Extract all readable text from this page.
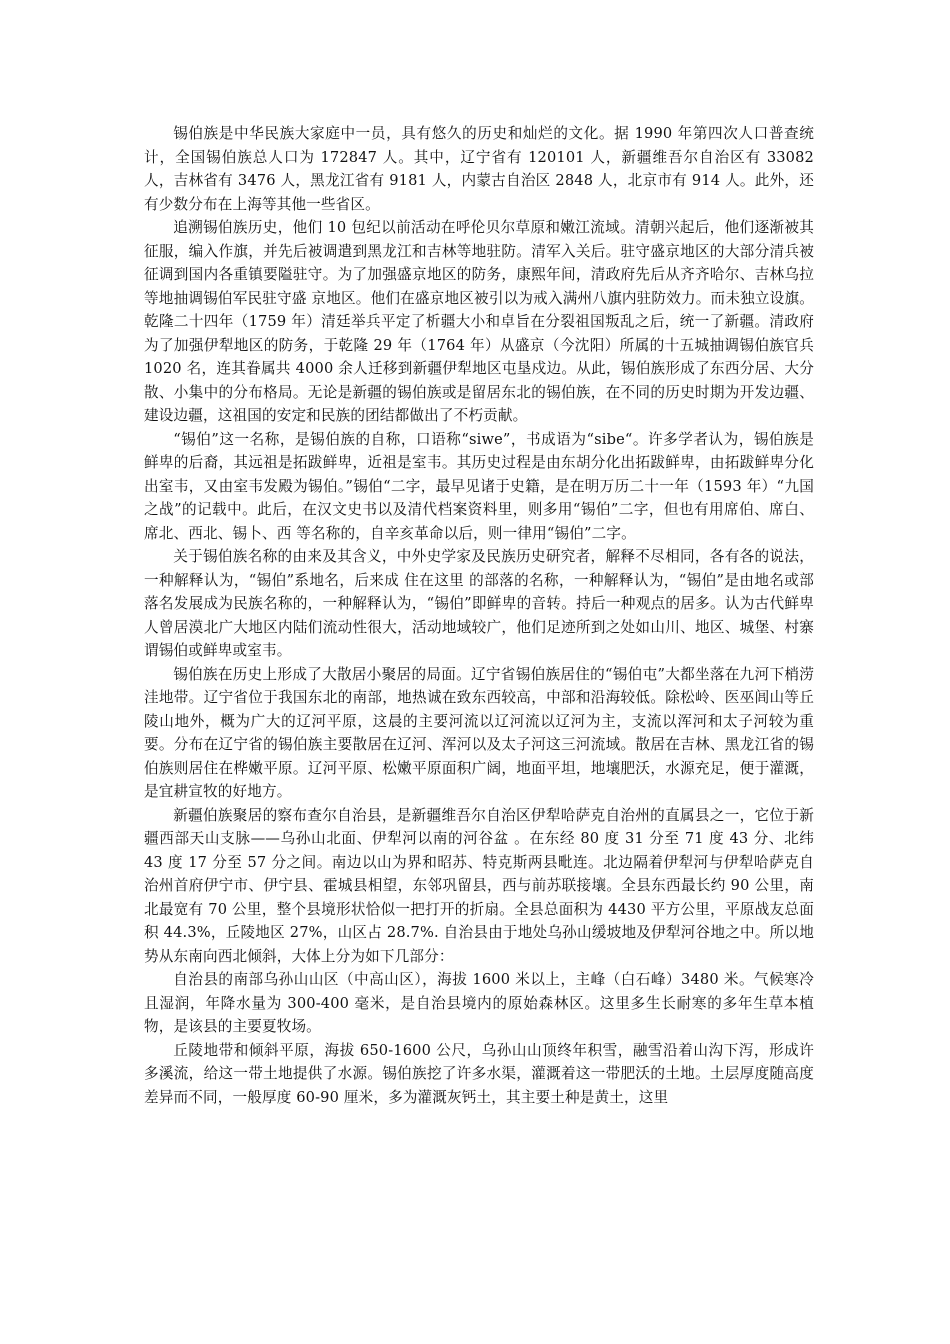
锡伯族是中华民族大家庭中一员，具有悠久的历史和灿烂的文化。据 1990 年第四次人口普查统计，全国锡伯族总人口为 172847 人。其中，辽宁省有 120101 人，新疆维吾尔自治区有 33082 人，吉林省有 3476 人，黑龙江省有 9181 人，内蒙古自治区 2848 人，北京市有 914 人。此外，还有少数分布在上海等其他一些省区。

追溯锡伯族历史，他们 10 包纪以前活动在呼伦贝尔草原和嫩江流域。清朝兴起后，他们逐渐被其征服，编入作旗，并先后被调遣到黑龙江和吉林等地驻防。清军入关后。驻守盛京地区的大部分清兵被征调到国内各重镇要隘驻守。为了加强盛京地区的防务，康熙年间，清政府先后从齐齐哈尔、吉林乌拉等地抽调锡伯军民驻守盛 京地区。他们在盛京地区被引以为戒入满州八旗内驻防效力。而未独立设旗。乾隆二十四年（1759 年）清廷举兵平定了析疆大小和卓旨在分裂祖国叛乱之后，统一了新疆。清政府为了加强伊犁地区的防务，于乾隆 29 年（1764 年）从盛京（今沈阳）所属的十五城抽调锡伯族官兵 1020 名，连其眷属共 4000 余人迁移到新疆伊犁地区屯垦戍边。从此，锡伯族形成了东西分居、大分散、小集中的分布格局。无论是新疆的锡伯族或是留居东北的锡伯族，在不同的历史时期为开发边疆、建设边疆，这祖国的安定和民族的团结都做出了不朽贡献。

“锡伯”这一名称，是锡伯族的自称，口语称“siwe”，书成语为“sibe“。许多学者认为，锡伯族是鲜卑的后裔，其远祖是拓跋鲜卑，近祖是室韦。其历史过程是由东胡分化出拓跋鲜卑，由拓跋鲜卑分化出室韦，又由室韦发殿为锡伯。”锡伯“二字，最早见诸于史籍，是在明万历二十一年（1593 年）“九国之战”的记载中。此后，在汉文史书以及清代档案资料里，则多用“锡伯”二字，但也有用席伯、席白、席北、西北、锡卜、西 等名称的，自辛亥革命以后，则一律用“锡伯”二字。

关于锡伯族名称的由来及其含义，中外史学家及民族历史研究者，解释不尽相同，各有各的说法，一种解释认为，“锡伯”系地名，后来成 住在这里 的部落的名称，一种解释认为，“锡伯”是由地名或部落名发展成为民族名称的，一种解释认为，“锡伯”即鲜卑的音转。持后一种观点的居多。认为古代鲜卑人曾居漠北广大地区内陆们流动性很大，活动地域较广，他们足迹所到之处如山川、地区、城堡、村寨谓锡伯或鲜卑或室韦。

锡伯族在历史上形成了大散居小聚居的局面。辽宁省锡伯族居住的“锡伯屯”大都坐落在九河下梢涝洼地带。辽宁省位于我国东北的南部，地热诚在致东西较高，中部和沿海较低。除松岭、医巫闾山等丘陵山地外，概为广大的辽河平原，这晨的主要河流以辽河流以辽河为主，支流以浑河和太子河较为重要。分布在辽宁省的锡伯族主要散居在辽河、浑河以及太子河这三河流域。散居在吉林、黑龙江省的锡伯族则居住在桦嫩平原。辽河平原、松嫩平原面积广阔，地面平坦，地壤肥沃，水源充足，便于灌溉，是宜耕宣牧的好地方。

新疆伯族聚居的察布查尔自治县，是新疆维吾尔自治区伊犁哈萨克自治州的直属县之一，它位于新疆西部天山支脉——乌孙山北面、伊犁河以南的河谷盆 。在东经 80 度 31 分至 71 度 43 分、北纬 43 度 17 分至 57 分之间。南边以山为界和昭苏、特克斯两县毗连。北边隔着伊犁河与伊犁哈萨克自治州首府伊宁市、伊宁县、霍城县相望，东邻巩留县，西与前苏联接壤。全县东西最长约 90 公里，南北最宽有 70 公里，整个县境形状恰似一把打开的折扇。全县总面积为 4430 平方公里，平原战友总面积 44.3%，丘陵地区 27%，山区占 28.7%. 自治县由于地处乌孙山缓坡地及伊犁河谷地之中。所以地势从东南向西北倾斜，大体上分为如下几部分：

自治县的南部乌孙山山区（中高山区），海拔 1600 米以上，主峰（白石峰）3480 米。气候寒冷且湿润，年降水量为 300-400 毫米，是自治县境内的原始森林区。这里多生长耐寒的多年生草本植物，是该县的主要夏牧场。

丘陵地带和倾斜平原，海拔 650-1600 公尺，乌孙山山顶终年积雪，融雪沿着山沟下泻，形成许多溪流，给这一带土地提供了水源。锡伯族挖了许多水渠，灌溉着这一带肥沃的土地。土层厚度随高度差异而不同，一般厚度 60-90 厘米，多为灌溉灰钙土，其主要土种是黄土，这里
